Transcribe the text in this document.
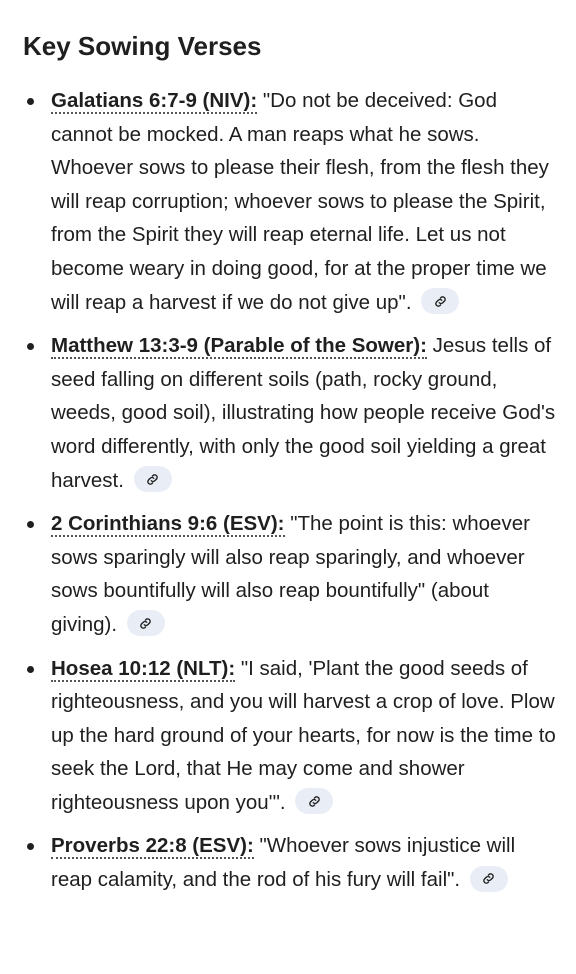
Key Sowing Verses
Galatians 6:7-9 (NIV): "Do not be deceived: God cannot be mocked. A man reaps what he sows. Whoever sows to please their flesh, from the flesh they will reap corruption; whoever sows to please the Spirit, from the Spirit they will reap eternal life. Let us not become weary in doing good, for at the proper time we will reap a harvest if we do not give up".
Matthew 13:3-9 (Parable of the Sower): Jesus tells of seed falling on different soils (path, rocky ground, weeds, good soil), illustrating how people receive God's word differently, with only the good soil yielding a great harvest.
2 Corinthians 9:6 (ESV): "The point is this: whoever sows sparingly will also reap sparingly, and whoever sows bountifully will also reap bountifully" (about giving).
Hosea 10:12 (NLT): "I said, 'Plant the good seeds of righteousness, and you will harvest a crop of love. Plow up the hard ground of your hearts, for now is the time to seek the Lord, that He may come and shower righteousness upon you'".
Proverbs 22:8 (ESV): "Whoever sows injustice will reap calamity, and the rod of his fury will fail".
